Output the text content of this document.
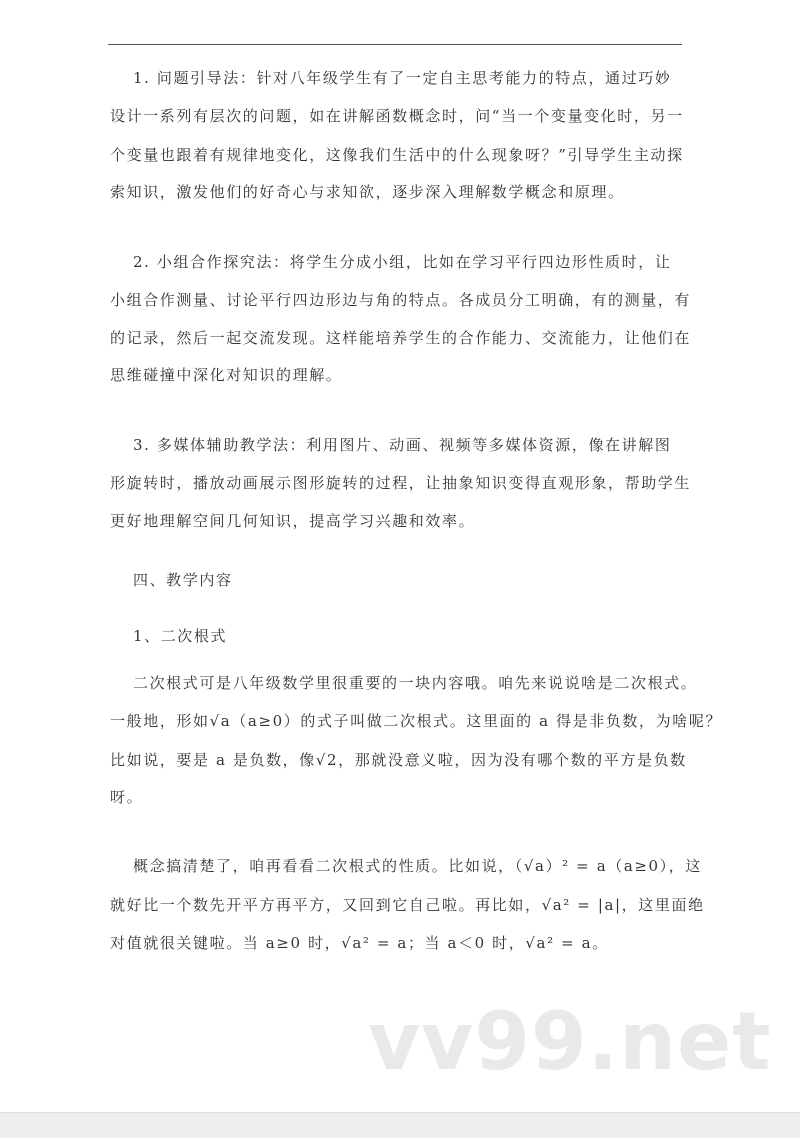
　 1. 问题引导法：针对八年级学生有了一定自主思考能力的特点，通过巧妙
设计一系列有层次的问题，如在讲解函数概念时，问“当一个变量变化时，另一
个变量也跟着有规律地变化，这像我们生活中的什么现象呀？”引导学生主动探
索知识，激发他们的好奇心与求知欲，逐步深入理解数学概念和原理。
　 2. 小组合作探究法：将学生分成小组，比如在学习平行四边形性质时，让
小组合作测量、讨论平行四边形边与角的特点。各成员分工明确，有的测量，有
的记录，然后一起交流发现。这样能培养学生的合作能力、交流能力，让他们在
思维碰撞中深化对知识的理解。
　 3. 多媒体辅助教学法：利用图片、动画、视频等多媒体资源，像在讲解图
形旋转时，播放动画展示图形旋转的过程，让抽象知识变得直观形象，帮助学生
更好地理解空间几何知识，提高学习兴趣和效率。
　 四、教学内容
　 1、二次根式
　 二次根式可是八年级数学里很重要的一块内容哦。咱先来说说啥是二次根式。
一般地，形如√a（a≥0）的式子叫做二次根式。这里面的 a 得是非负数，为啥呢？
比如说，要是 a 是负数，像√2，那就没意义啦，因为没有哪个数的平方是负数
呀。
　 概念搞清楚了，咱再看看二次根式的性质。比如说，（√a）² = a（a≥0），这
就好比一个数先开平方再平方，又回到它自己啦。再比如，√a² = |a|，这里面绝
对值就很关键啦。当 a≥0 时，√a² = a；当 a＜0 时，√a² = a。
vv99.net
